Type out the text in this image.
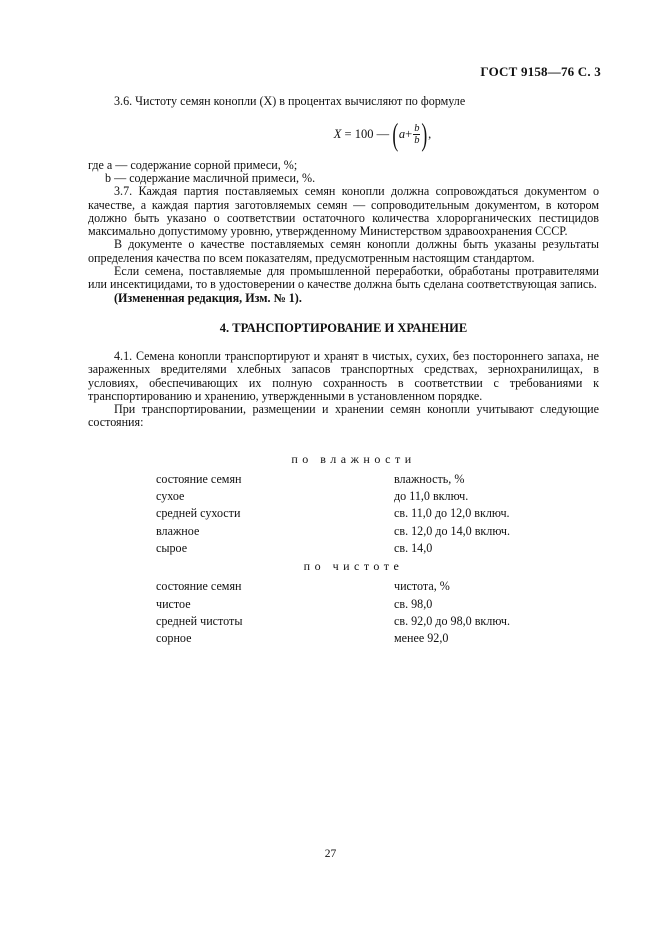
ГОСТ 9158—76 С. 3

3.6. Чистоту семян конопли (X) в процентах вычисляют по формуле

X
= 100 —
( $a + \frac{b}{b}$ ) ,

где a — содержание сорной примеси, %;

b — содержание масличной примеси, %.

3.7. Каждая партия поставляемых семян конопли должна сопровождаться документом о качестве, а каждая партия заготовляемых семян — сопроводительным документом, в котором должно быть указано о соответствии остаточного количества хлорорганических пестицидов максимально допустимому уровню, утвержденному Министерством здравоохранения СССР.

В документе о качестве поставляемых семян конопли должны быть указаны результаты определения качества по всем показателям, предусмотренным настоящим стандартом.

Если семена, поставляемые для промышленной переработки, обработаны протравителями или инсектицидами, то в удостоверении о качестве должна быть сделана соответствующая запись.

(Измененная редакция, Изм. № 1).

4. ТРАНСПОРТИРОВАНИЕ И ХРАНЕНИЕ

4.1. Семена конопли транспортируют и хранят в чистых, сухих, без постороннего запаха, не зараженных вредителями хлебных запасов транспортных средствах, зернохранилищах, в условиях, обеспечивающих их полную сохранность в соответствии с требованиями к транспортированию и хранению, утвержденными в установленном порядке.

При транспортировании, размещении и хранении семян конопли учитывают следующие состояния:

по влажности
состояние семян	влажность, %
сухое	до 11,0 включ.
средней сухости	св. 11,0 до 12,0 включ.
влажное	св. 12,0 до 14,0 включ.
сырое	св. 14,0
по чистоте
состояние семян	чистота, %
чистое	св. 98,0
средней чистоты	св. 92,0 до 98,0 включ.
сорное	менее 92,0
27
